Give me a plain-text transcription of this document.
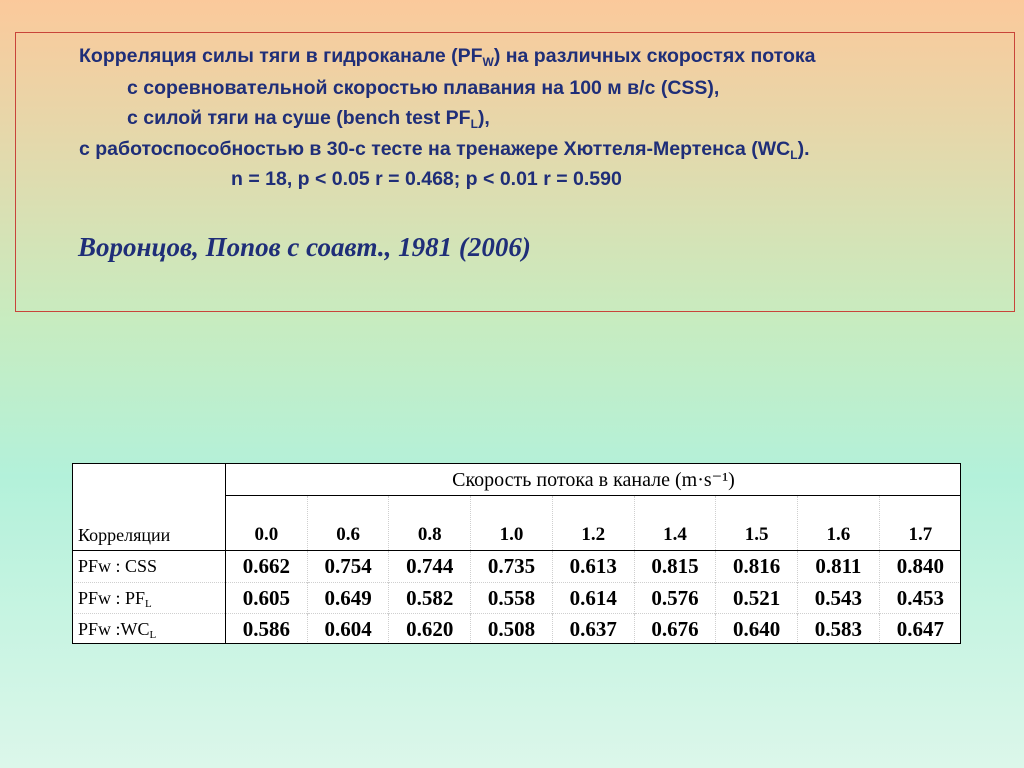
Корреляция силы тяги в гидроканале $(PF_W)$ на различных скоростях потока
с соревновательной скоростью плавания на 100 м в/с (CSS),
с силой тяги на суше (bench test $PF_L$),
с работоспособностью в 30-с тесте на тренажере Хюттеля-Мертенса $(WC_L)$.
n = 18, p < 0.05 r = 0.468; p < 0.01 r = 0.590
Воронцов, Попов с соавт., 1981 (2006)
	Скорость потока в канале (m·s⁻¹)								
Корреляции	0.0	0.6	0.8	1.0	1.2	1.4	1.5	1.6	1.7
PFw : CSS	0.662	0.754	0.744	0.735	0.613	0.815	0.816	0.811	0.840
PFw : $PF_L$	0.605	0.649	0.582	0.558	0.614	0.576	0.521	0.543	0.453
PFw $:WC_L$	0.586	0.604	0.620	0.508	0.637	0.676	0.640	0.583	0.647
